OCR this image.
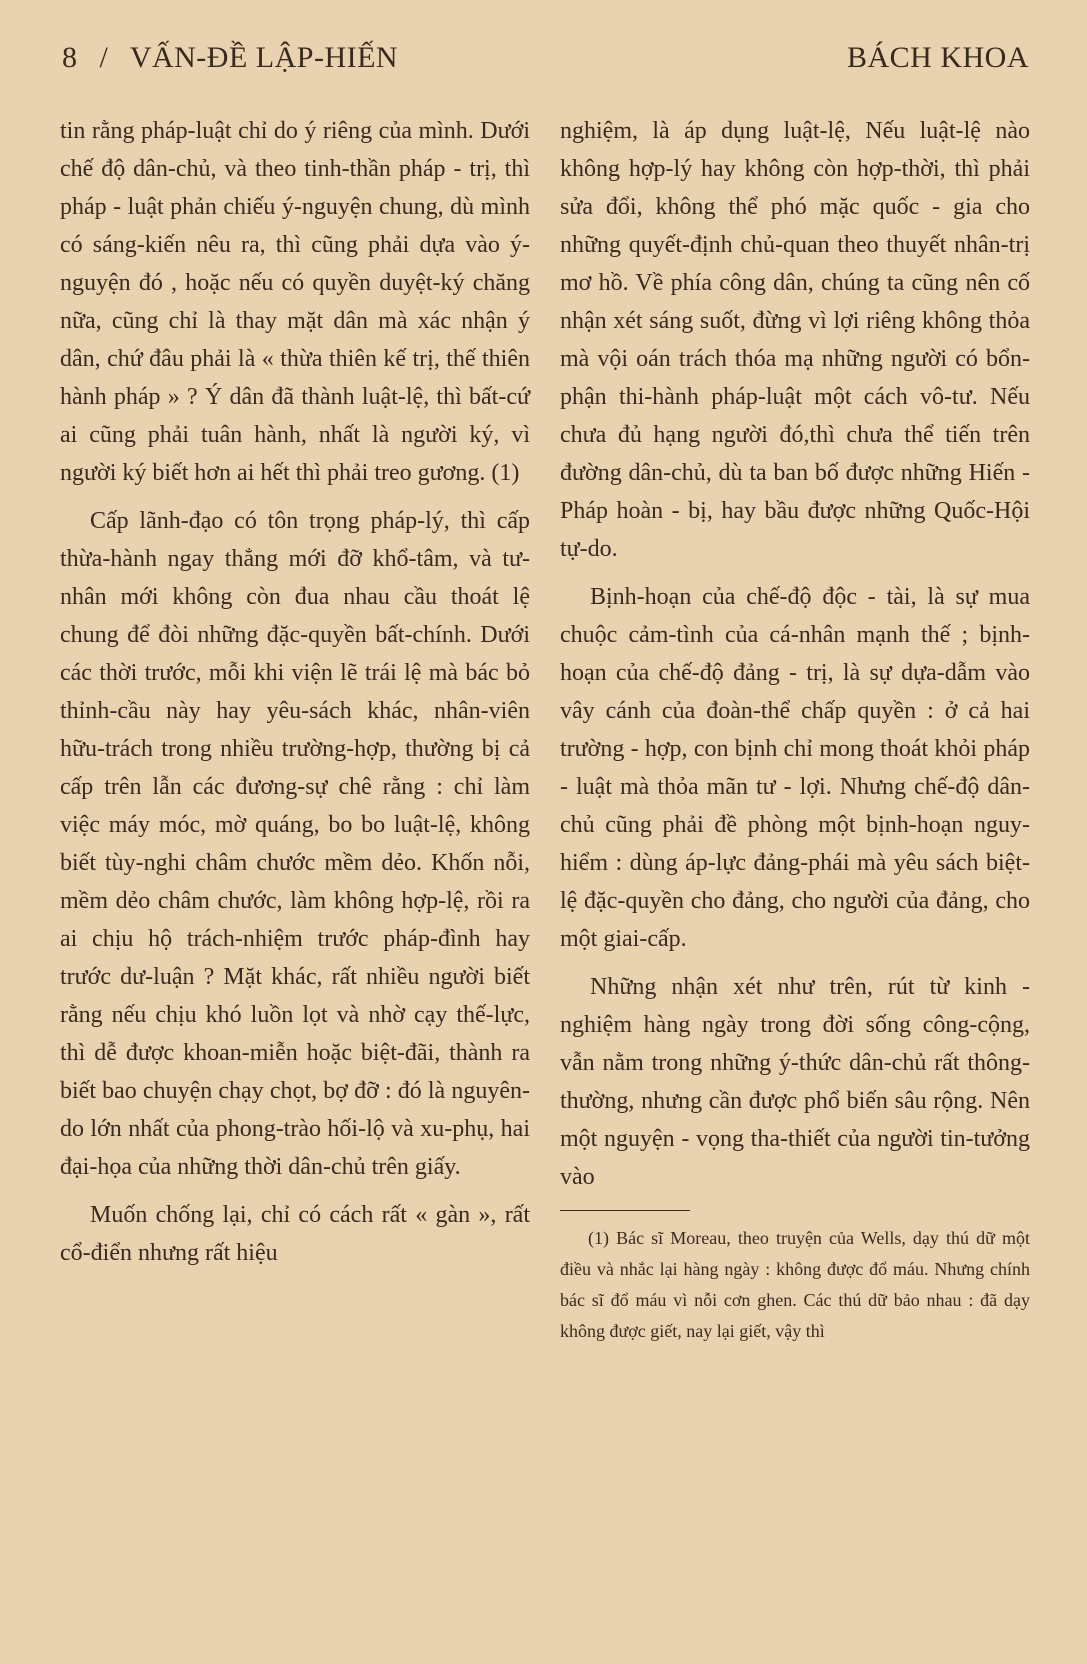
8 / VẤN-ĐỀ LẬP-HIẾN	BÁCH KHOA

tin rằng pháp-luật chỉ do ý riêng của mình. Dưới chế độ dân-chủ, và theo tinh-thần pháp - trị, thì pháp - luật phản chiếu ý-nguyện chung, dù mình có sáng-kiến nêu ra, thì cũng phải dựa vào ý-nguyện đó , hoặc nếu có quyền duyệt-ký chăng nữa, cũng chỉ là thay mặt dân mà xác nhận ý dân, chứ đâu phải là « thừa thiên kế trị, thế thiên hành pháp » ? Ý dân đã thành luật-lệ, thì bất-cứ ai cũng phải tuân hành, nhất là người ký, vì người ký biết hơn ai hết thì phải treo gương. (1)

Cấp lãnh-đạo có tôn trọng pháp-lý, thì cấp thừa-hành ngay thẳng mới đỡ khổ-tâm, và tư-nhân mới không còn đua nhau cầu thoát lệ chung để đòi những đặc-quyền bất-chính. Dưới các thời trước, mỗi khi viện lẽ trái lệ mà bác bỏ thỉnh-cầu này hay yêu-sách khác, nhân-viên hữu-trách trong nhiều trường-hợp, thường bị cả cấp trên lẫn các đương-sự chê rằng : chỉ làm việc máy móc, mờ quáng, bo bo luật-lệ, không biết tùy-nghi châm chước mềm dẻo. Khốn nỗi, mềm dẻo châm chước, làm không hợp-lệ, rồi ra ai chịu hộ trách-nhiệm trước pháp-đình hay trước dư-luận ? Mặt khác, rất nhiều người biết rằng nếu chịu khó luồn lọt và nhờ cạy thế-lực, thì dễ được khoan-miễn hoặc biệt-đãi, thành ra biết bao chuyện chạy chọt, bợ đỡ : đó là nguyên-do lớn nhất của phong-trào hối-lộ và xu-phụ, hai đại-họa của những thời dân-chủ trên giấy.

Muốn chống lại, chỉ có cách rất « gàn », rất cổ-điển nhưng rất hiệu

nghiệm, là áp dụng luật-lệ, Nếu luật-lệ nào không hợp-lý hay không còn hợp-thời, thì phải sửa đổi, không thể phó mặc quốc - gia cho những quyết-định chủ-quan theo thuyết nhân-trị mơ hồ. Về phía công dân, chúng ta cũng nên cố nhận xét sáng suốt, đừng vì lợi riêng không thỏa mà vội oán trách thóa mạ những người có bổn-phận thi-hành pháp-luật một cách vô-tư. Nếu chưa đủ hạng người đó,thì chưa thể tiến trên đường dân-chủ, dù ta ban bố được những Hiến - Pháp hoàn - bị, hay bầu được những Quốc-Hội tự-do.

Bịnh-hoạn của chế-độ độc - tài, là sự mua chuộc cảm-tình của cá-nhân mạnh thế ; bịnh-hoạn của chế-độ đảng - trị, là sự dựa-dẫm vào vây cánh của đoàn-thể chấp quyền : ở cả hai trường - hợp, con bịnh chỉ mong thoát khỏi pháp - luật mà thỏa mãn tư - lợi. Nhưng chế-độ dân-chủ cũng phải đề phòng một bịnh-hoạn nguy-hiểm : dùng áp-lực đảng-phái mà yêu sách biệt-lệ đặc-quyền cho đảng, cho người của đảng, cho một giai-cấp.

Những nhận xét như trên, rút từ kinh - nghiệm hàng ngày trong đời sống công-cộng, vẫn nằm trong những ý-thức dân-chủ rất thông-thường, nhưng cần được phổ biến sâu rộng. Nên một nguyện - vọng tha-thiết của người tin-tưởng vào

(1) Bác sĩ Moreau, theo truyện của Wells, dạy thú dữ một điều và nhắc lại hàng ngày : không được đổ máu. Nhưng chính bác sĩ đổ máu vì nỗi cơn ghen. Các thú dữ bảo nhau : đã dạy không được giết, nay lại giết, vậy thì
